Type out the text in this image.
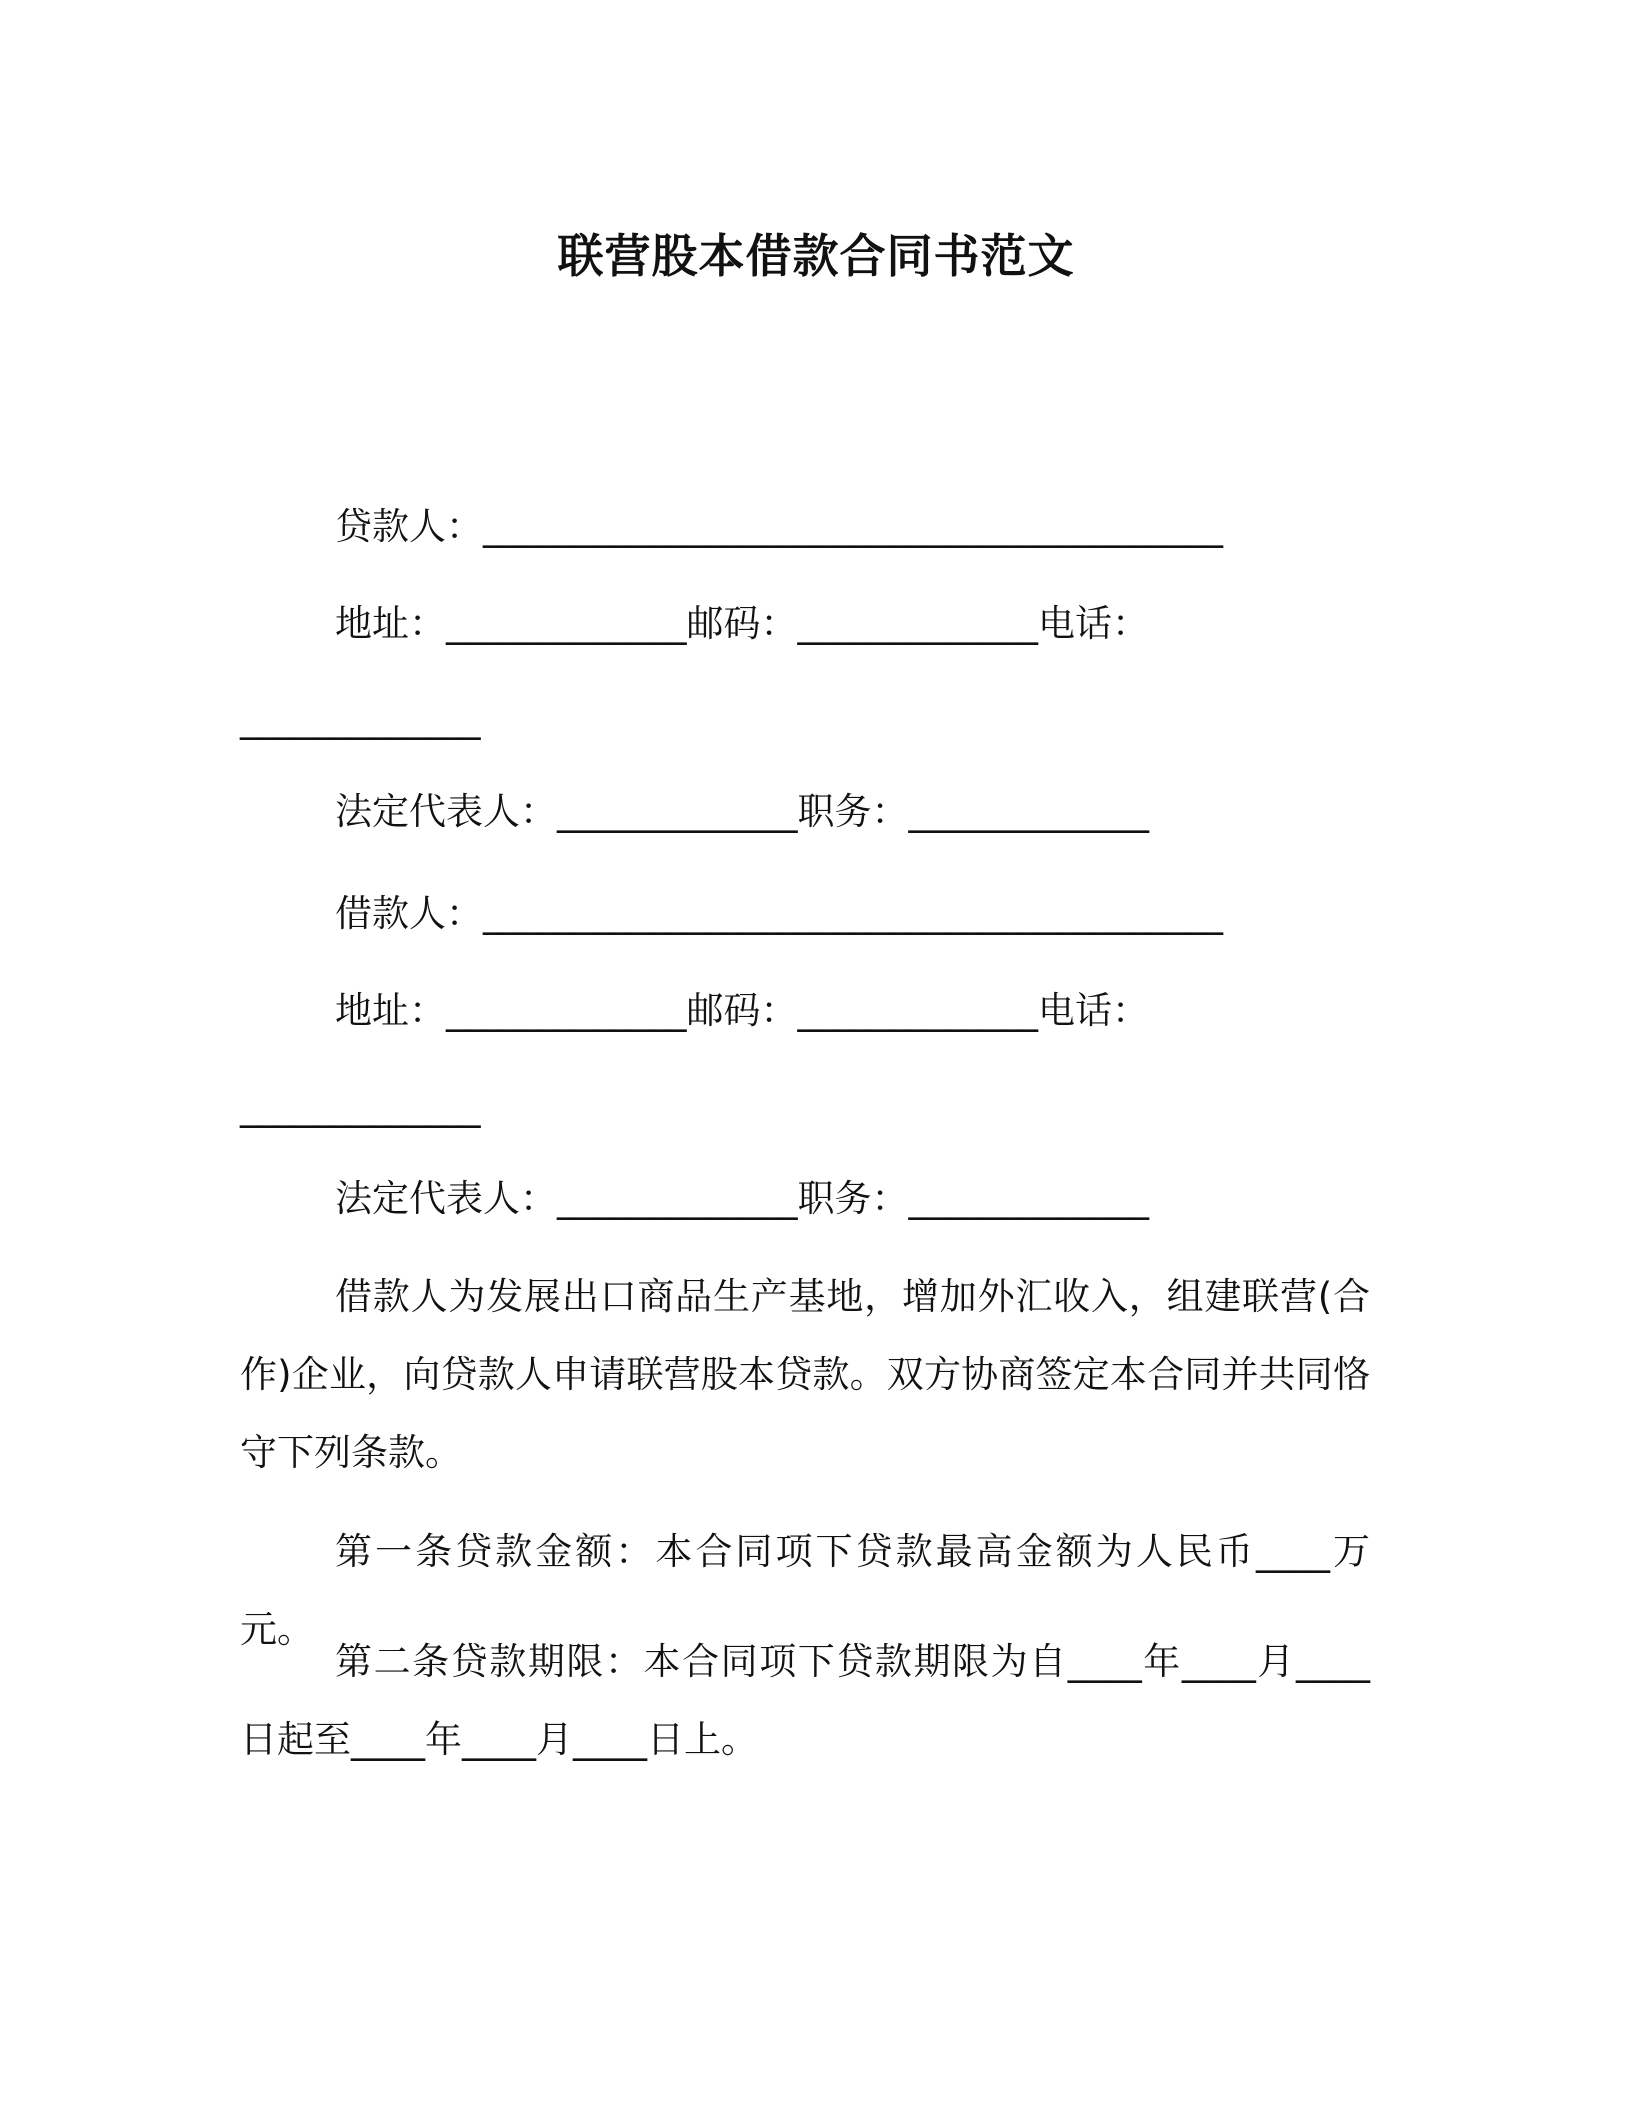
联营股本借款合同书范文
贷款人：________________________________________
地址：_____________邮码：_____________电话：
_____________
法定代表人：_____________职务：_____________
借款人：________________________________________
地址：_____________邮码：_____________电话：
_____________
法定代表人：_____________职务：_____________
借款人为发展出口商品生产基地，增加外汇收入，组建联营(合作)企业，向贷款人申请联营股本贷款。双方协商签定本合同并共同恪守下列条款。
第一条贷款金额：本合同项下贷款最高金额为人民币____万元。
第二条贷款期限：本合同项下贷款期限为自____年____月____日起至____年____月____日上。
